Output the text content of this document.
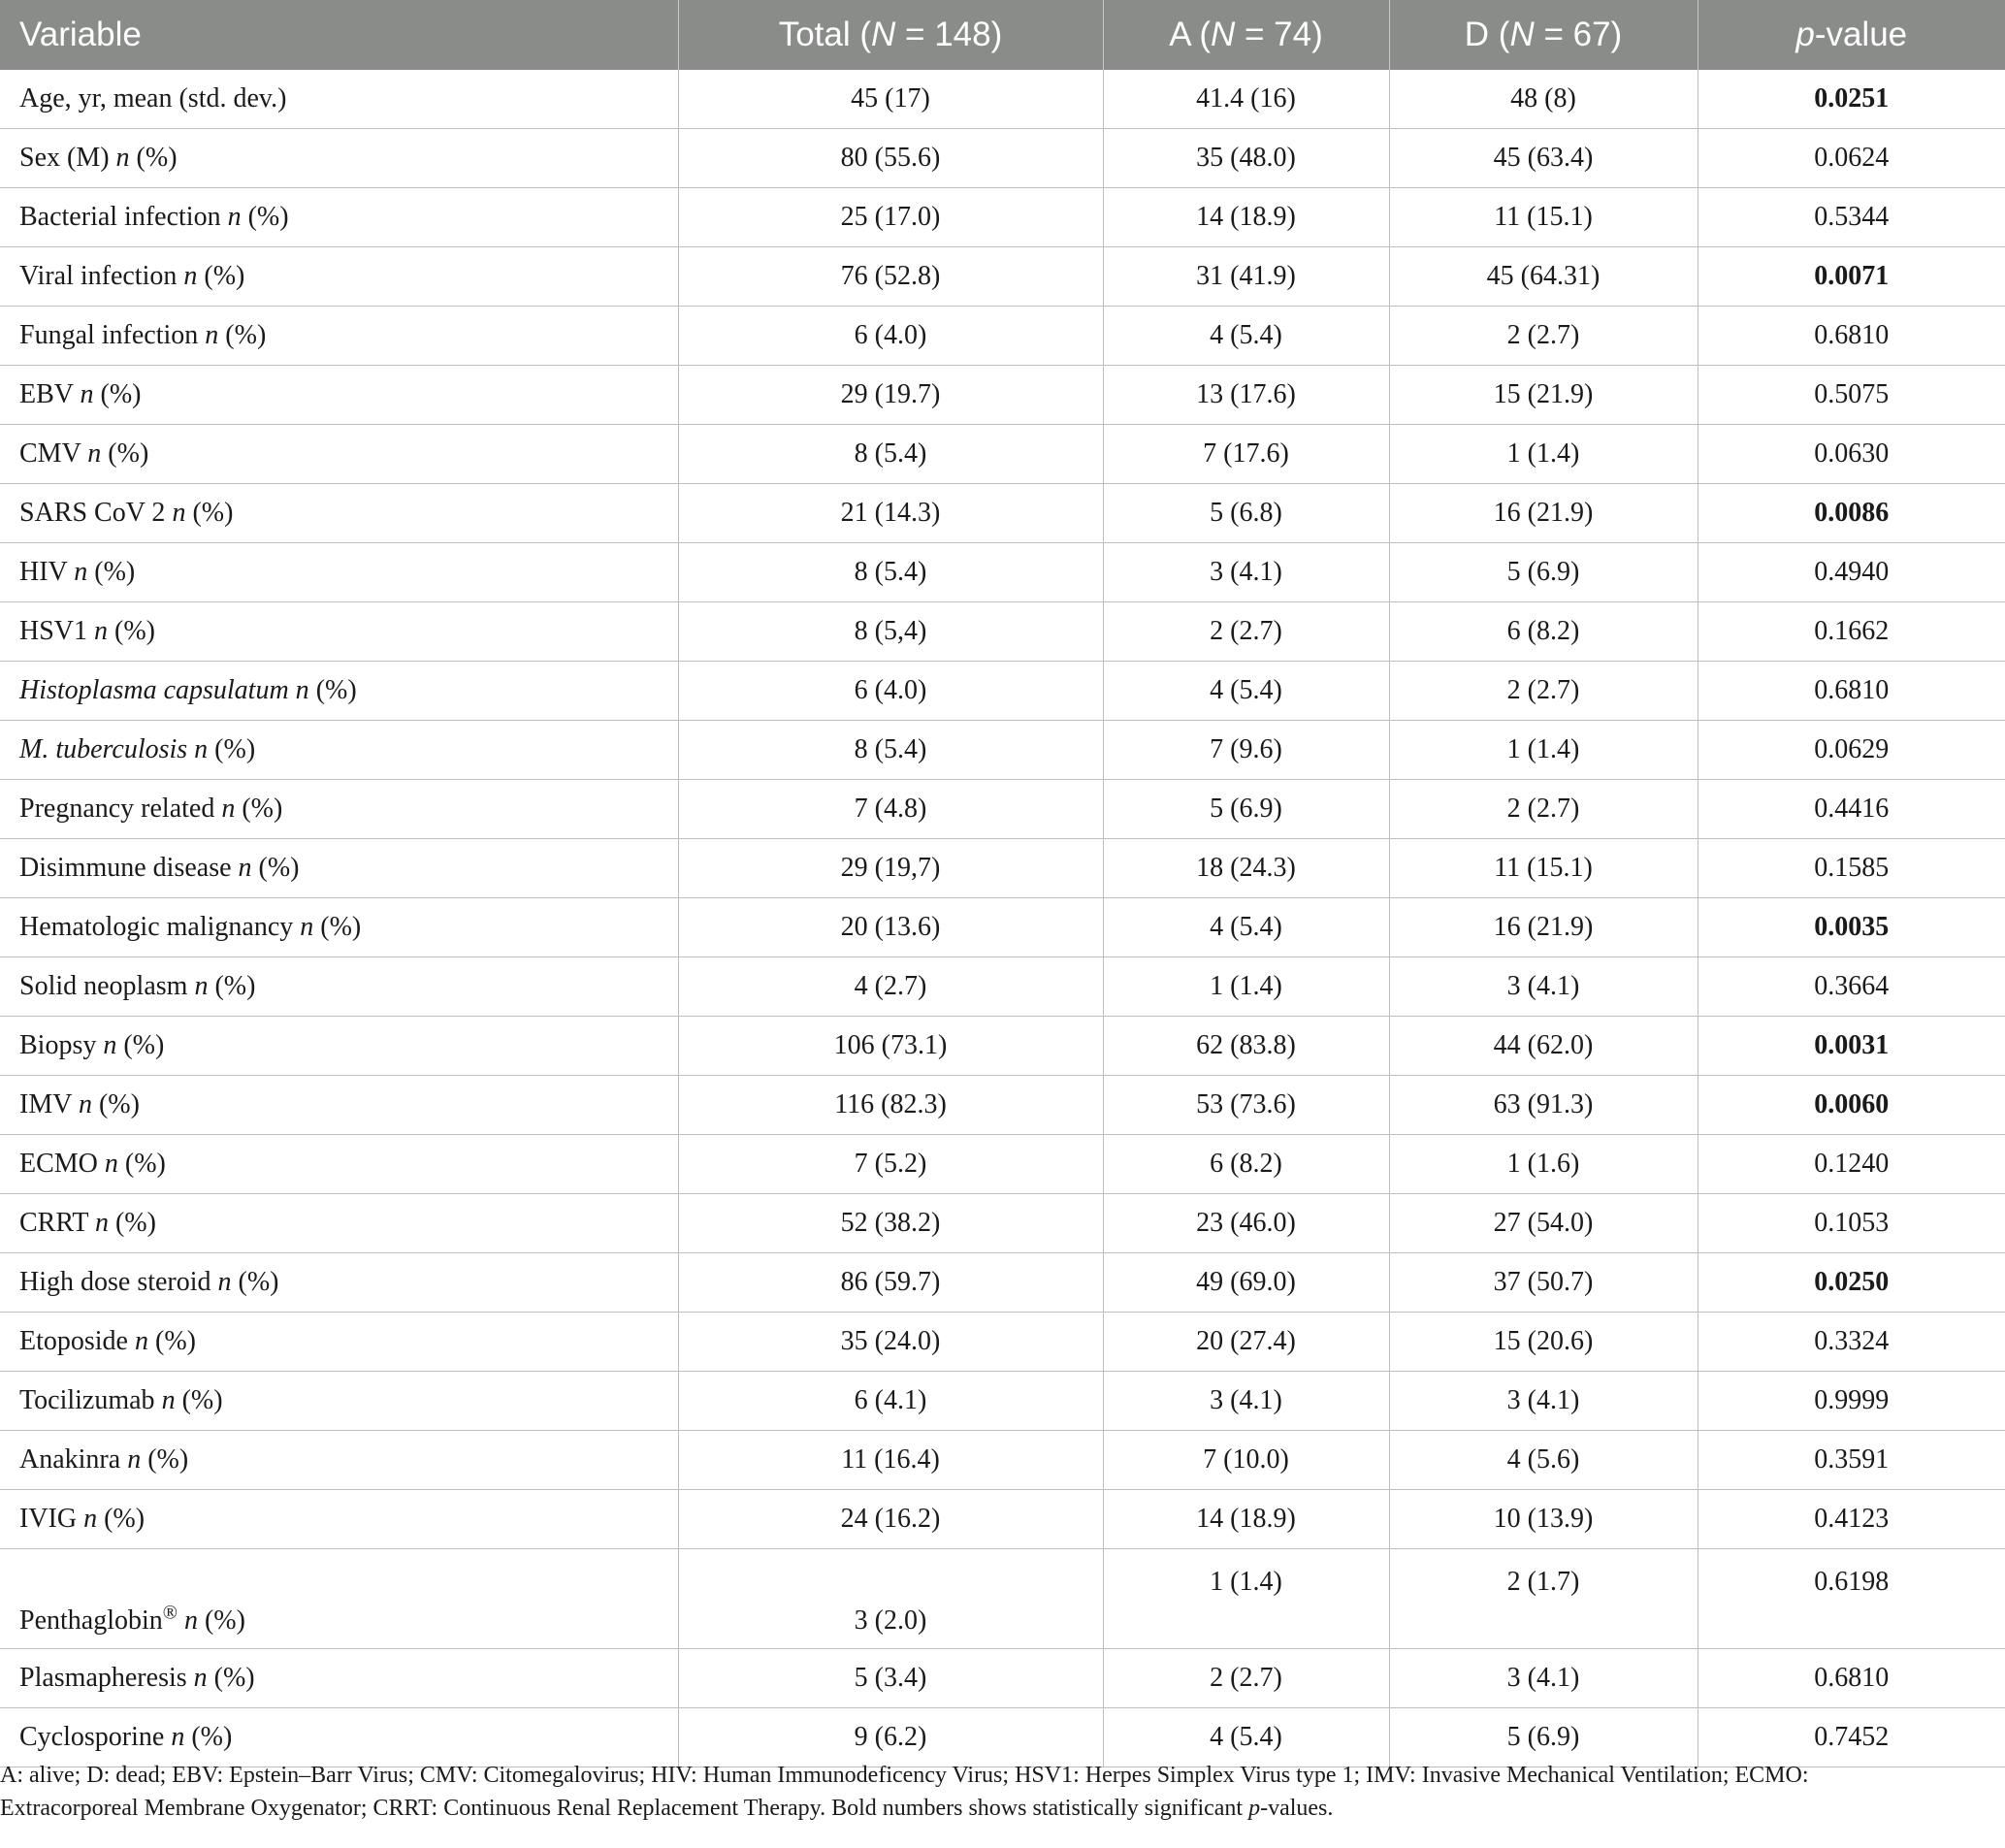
Variable	Total (N = 148)	A (N = 74)	D (N = 67)	p-value
Age, yr, mean (std. dev.)	45 (17)	41.4 (16)	48 (8)	0.0251
Sex (M) n (%)	80 (55.6)	35 (48.0)	45 (63.4)	0.0624
Bacterial infection n (%)	25 (17.0)	14 (18.9)	11 (15.1)	0.5344
Viral infection n (%)	76 (52.8)	31 (41.9)	45 (64.31)	0.0071
Fungal infection n (%)	6 (4.0)	4 (5.4)	2 (2.7)	0.6810
EBV n (%)	29 (19.7)	13 (17.6)	15 (21.9)	0.5075
CMV n (%)	8 (5.4)	7 (17.6)	1 (1.4)	0.0630
SARS CoV 2 n (%)	21 (14.3)	5 (6.8)	16 (21.9)	0.0086
HIV n (%)	8 (5.4)	3 (4.1)	5 (6.9)	0.4940
HSV1 n (%)	8 (5,4)	2 (2.7)	6 (8.2)	0.1662
Histoplasma capsulatum n (%)	6 (4.0)	4 (5.4)	2 (2.7)	0.6810
M. tuberculosis n (%)	8 (5.4)	7 (9.6)	1 (1.4)	0.0629
Pregnancy related n (%)	7 (4.8)	5 (6.9)	2 (2.7)	0.4416
Disimmune disease n (%)	29 (19,7)	18 (24.3)	11 (15.1)	0.1585
Hematologic malignancy n (%)	20 (13.6)	4 (5.4)	16 (21.9)	0.0035
Solid neoplasm n (%)	4 (2.7)	1 (1.4)	3 (4.1)	0.3664
Biopsy n (%)	106 (73.1)	62 (83.8)	44 (62.0)	0.0031
IMV n (%)	116 (82.3)	53 (73.6)	63 (91.3)	0.0060
ECMO n (%)	7 (5.2)	6 (8.2)	1 (1.6)	0.1240
CRRT n (%)	52 (38.2)	23 (46.0)	27 (54.0)	0.1053
High dose steroid n (%)	86 (59.7)	49 (69.0)	37 (50.7)	0.0250
Etoposide n (%)	35 (24.0)	20 (27.4)	15 (20.6)	0.3324
Tocilizumab n (%)	6 (4.1)	3 (4.1)	3 (4.1)	0.9999
Anakinra n (%)	11 (16.4)	7 (10.0)	4 (5.6)	0.3591
IVIG n (%)	24 (16.2)	14 (18.9)	10 (13.9)	0.4123
Penthaglobin® n (%)	3 (2.0)	1 (1.4)	2 (1.7)	0.6198
Plasmapheresis n (%)	5 (3.4)	2 (2.7)	3 (4.1)	0.6810
Cyclosporine n (%)	9 (6.2)	4 (5.4)	5 (6.9)	0.7452
A: alive; D: dead; EBV: Epstein–Barr Virus; CMV: Citomegalovirus; HIV: Human Immunodeficency Virus; HSV1: Herpes Simplex Virus type 1; IMV: Invasive Mechanical Ventilation; ECMO:
Extracorporeal Membrane Oxygenator; CRRT: Continuous Renal Replacement Therapy. Bold numbers shows statistically significant p-values.
